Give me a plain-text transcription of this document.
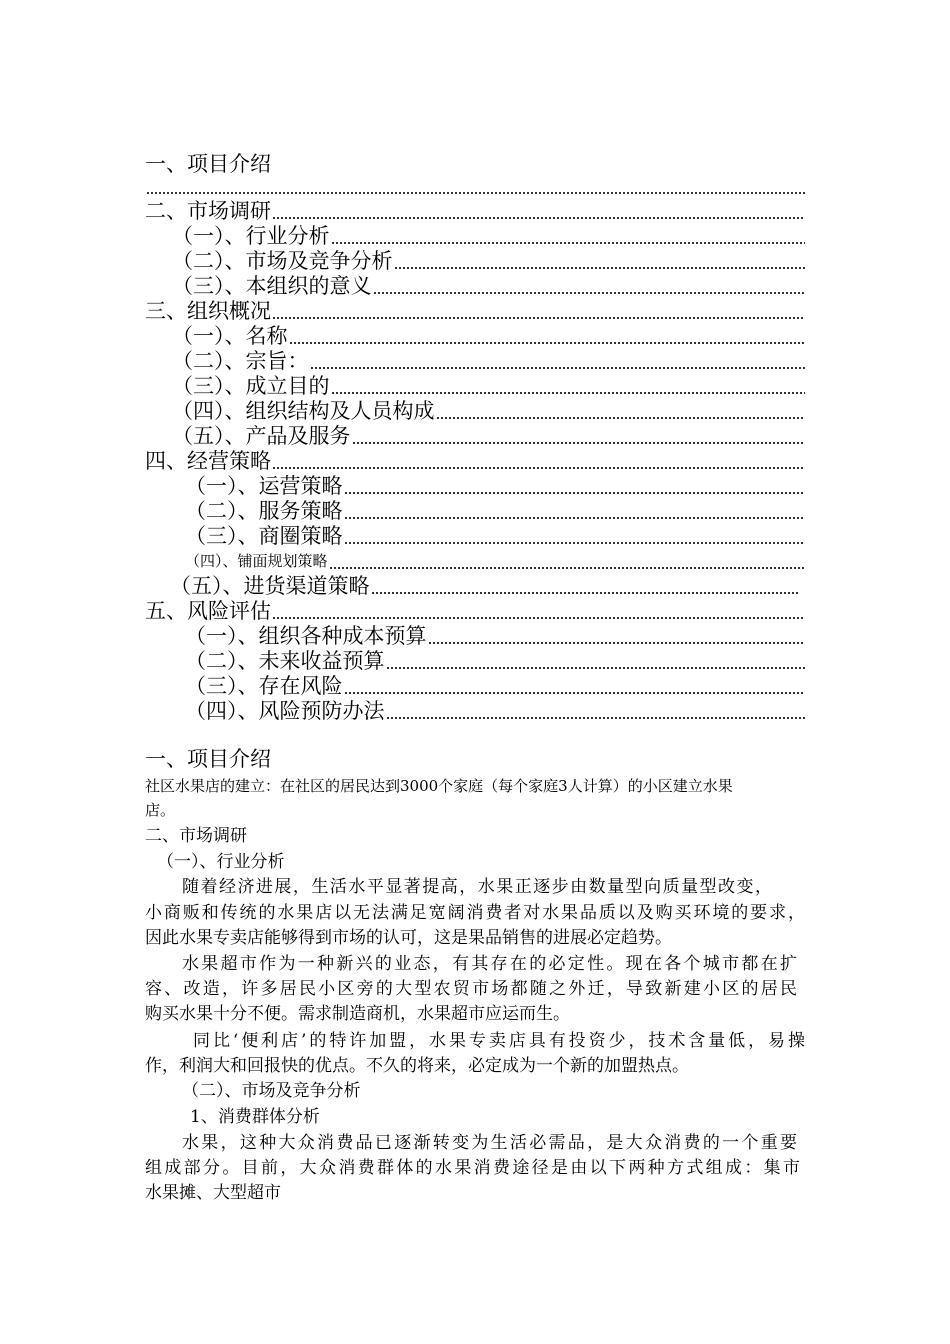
一、项目介绍
二、市场调研
（一）、行业分析
（二）、市场及竞争分析
（三）、本组织的意义
三、组织概况
（一）、名称
（二）、宗旨：
（三）、成立目的
（四）、组织结构及人员构成
（五）、产品及服务
四、经营策略
（一）、运营策略
（二）、服务策略
（三）、商圈策略
（四）、铺面规划策略
（五）、进货渠道策略
五、风险评估
（一）、组织各种成本预算
（二）、未来收益预算
（三）、存在风险
（四）、风险预防办法
一、项目介绍
社区水果店的建立：在社区的居民达到3000个家庭（每个家庭3人计算）的小区建立水果
店。
二、市场调研
（一）、行业分析
随着经济进展，生活水平显著提高，水果正逐步由数量型向质量型改变，
小商贩和传统的水果店以无法满足宽阔消费者对水果品质以及购买环境的要求，
因此水果专卖店能够得到市场的认可，这是果品销售的进展必定趋势。
水果超市作为一种新兴的业态，有其存在的必定性。现在各个城市都在扩
容、改造，许多居民小区旁的大型农贸市场都随之外迁，导致新建小区的居民
购买水果十分不便。需求制造商机，水果超市应运而生。
同比‘便利店’的特许加盟，水果专卖店具有投资少，技术含量低，易操
作，利润大和回报快的优点。不久的将来，必定成为一个新的加盟热点。
（二）、市场及竞争分析
1、消费群体分析
水果，这种大众消费品已逐渐转变为生活必需品，是大众消费的一个重要
组成部分。目前，大众消费群体的水果消费途径是由以下两种方式组成：集市
水果摊、大型超市
